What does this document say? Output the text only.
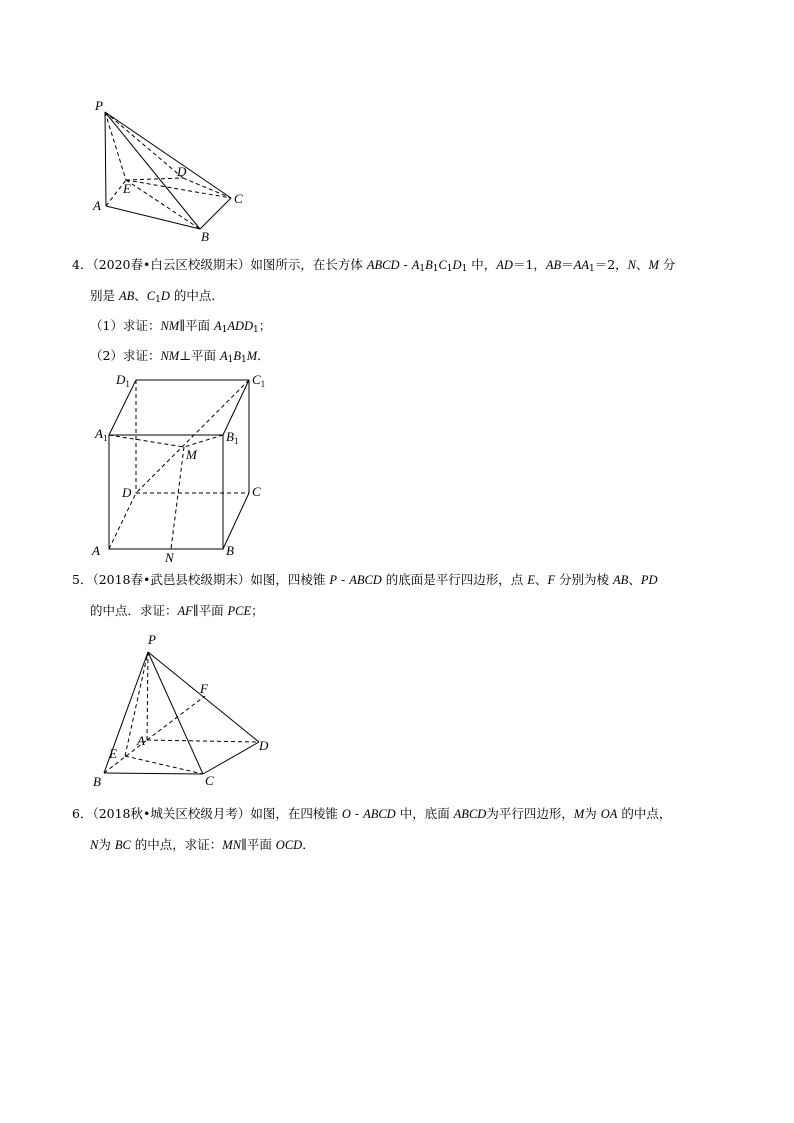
P
D
E
A	C
B
4．（2020春•白云区校级期末）如图所示，在长方体 ABCD - A1B1C1D1 中，AD＝1，AB＝AA1＝2，N、M 分
别是 AB、C1D 的中点．
（1）求证：NM∥平面 A1ADD1；
（2）求证：NM⊥平面 A1B1M．
$D_1$	$C_1$
$A_1$	$B_1$
M
D	C
A	N	B
5．（2018春•武邑县校级期末）如图，四棱锥 P - ABCD 的底面是平行四边形，点 E、F 分别为棱 AB、PD
的中点．求证：AF∥平面 PCE；
P
F
E
A	D
B	C
6．（2018秋•城关区校级月考）如图，在四棱锥 O - ABCD 中，底面 ABCD为平行四边形，M为 OA 的中点，
N为 BC 的中点，求证：MN∥平面 OCD．
